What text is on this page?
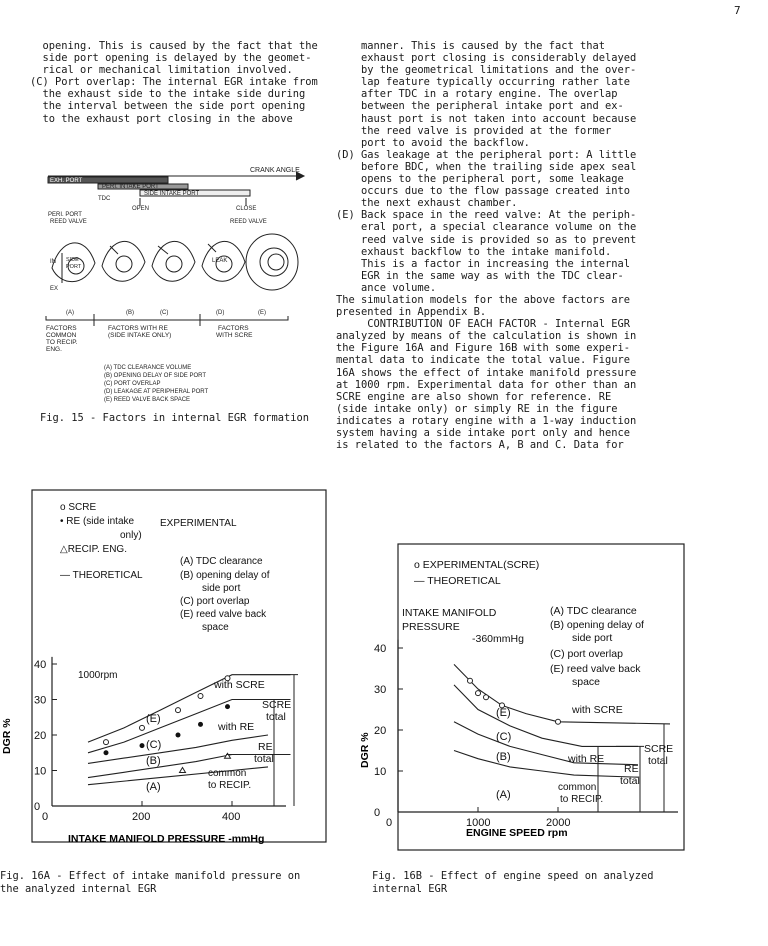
7
opening. This is caused by the fact that the
side port opening is delayed by the geomet-
rical or mechanical limitation involved.
(C) Port overlap: The internal EGR intake from
the exhaust side to the intake side during
the interval between the side port opening
to the exhaust port closing in the above
manner. This is caused by the fact that
exhaust port closing is considerably delayed
by the geometrical limitations and the over-
lap feature typically occurring rather late
after TDC in a rotary engine. The overlap
between the peripheral intake port and ex-
haust port is not taken into account because
the reed valve is provided at the former
port to avoid the backflow.
(D) Gas leakage at the peripheral port: A little
before BDC, when the trailing side apex seal
opens to the peripheral port, some leakage
occurs due to the flow passage created into
the next exhaust chamber.
(E) Back space in the reed valve: At the periph-
eral port, a special clearance volume on the
reed valve side is provided so as to prevent
exhaust backflow to the intake manifold.
This is a factor in increasing the internal
EGR in the same way as with the TDC clear-
ance volume.
The simulation models for the above factors are
presented in Appendix B.
CONTRIBUTION OF EACH FACTOR - Internal EGR
analyzed by means of the calculation is shown in
the Figure 16A and Figure 16B with some experi-
mental data to indicate the total value. Figure
16A shows the effect of intake manifold pressure
at 1000 rpm. Experimental data for other than an
SCRE engine are also shown for reference. RE
(side intake only) or simply RE in the figure
indicates a rotary engine with a 1-way induction
system having a side intake port only and hence
is related to the factors A, B and C. Data for
CRANK ANGLE
EXH. PORT
PERI. INTAKE PORT
SIDE INTAKE PORT
TDC
OPEN	CLOSE
PERI. PORT
REED VALVE	REED VALVE
IN SIDE
PORT
LEAK
EX
(A)	(B)	(C)	(D)	(E)
FACTORS
COMMON
TO RECIP.
ENG.
FACTORS WITH RE
(SIDE INTAKE ONLY)
FACTORS
WITH SCRE
(A) TDC CLEARANCE VOLUME
(B) OPENING DELAY OF SIDE PORT
(C) PORT OVERLAP
(D) LEAKAGE AT PERIPHERAL PORT
(E) REED VALVE BACK SPACE
Fig. 15 - Factors in internal EGR formation
o SCRE
• RE (side intake
only)
EXPERIMENTAL
△RECIP. ENG.
— THEORETICAL
(A) TDC clearance
(B) opening delay of
side port
(C) port overlap
(E) reed valve back
space
1000rpm
0
10
20
30
40
0	200	400
with SCRE
with RE
SCRE
total
RE
total
common
to RECIP.
(E)
(C)
(B)
(A)
INTAKE MANIFOLD PRESSURE -mmHg
DGR %
Fig. 16A - Effect of intake manifold pressure on
the analyzed internal EGR
o EXPERIMENTAL(SCRE)
— THEORETICAL
INTAKE MANIFOLD
PRESSURE
-360mmHg
(A) TDC clearance
(B) opening delay of
side port
(C) port overlap
(E) reed valve back
space
0
10
20
30
40
0	1000	2000
with SCRE
with RE
SCRE
total
RE
total
common
to RECIP.
(E)
(C)
(B)
(A)
ENGINE SPEED rpm
DGR %
Fig. 16B - Effect of engine speed on analyzed
internal EGR
